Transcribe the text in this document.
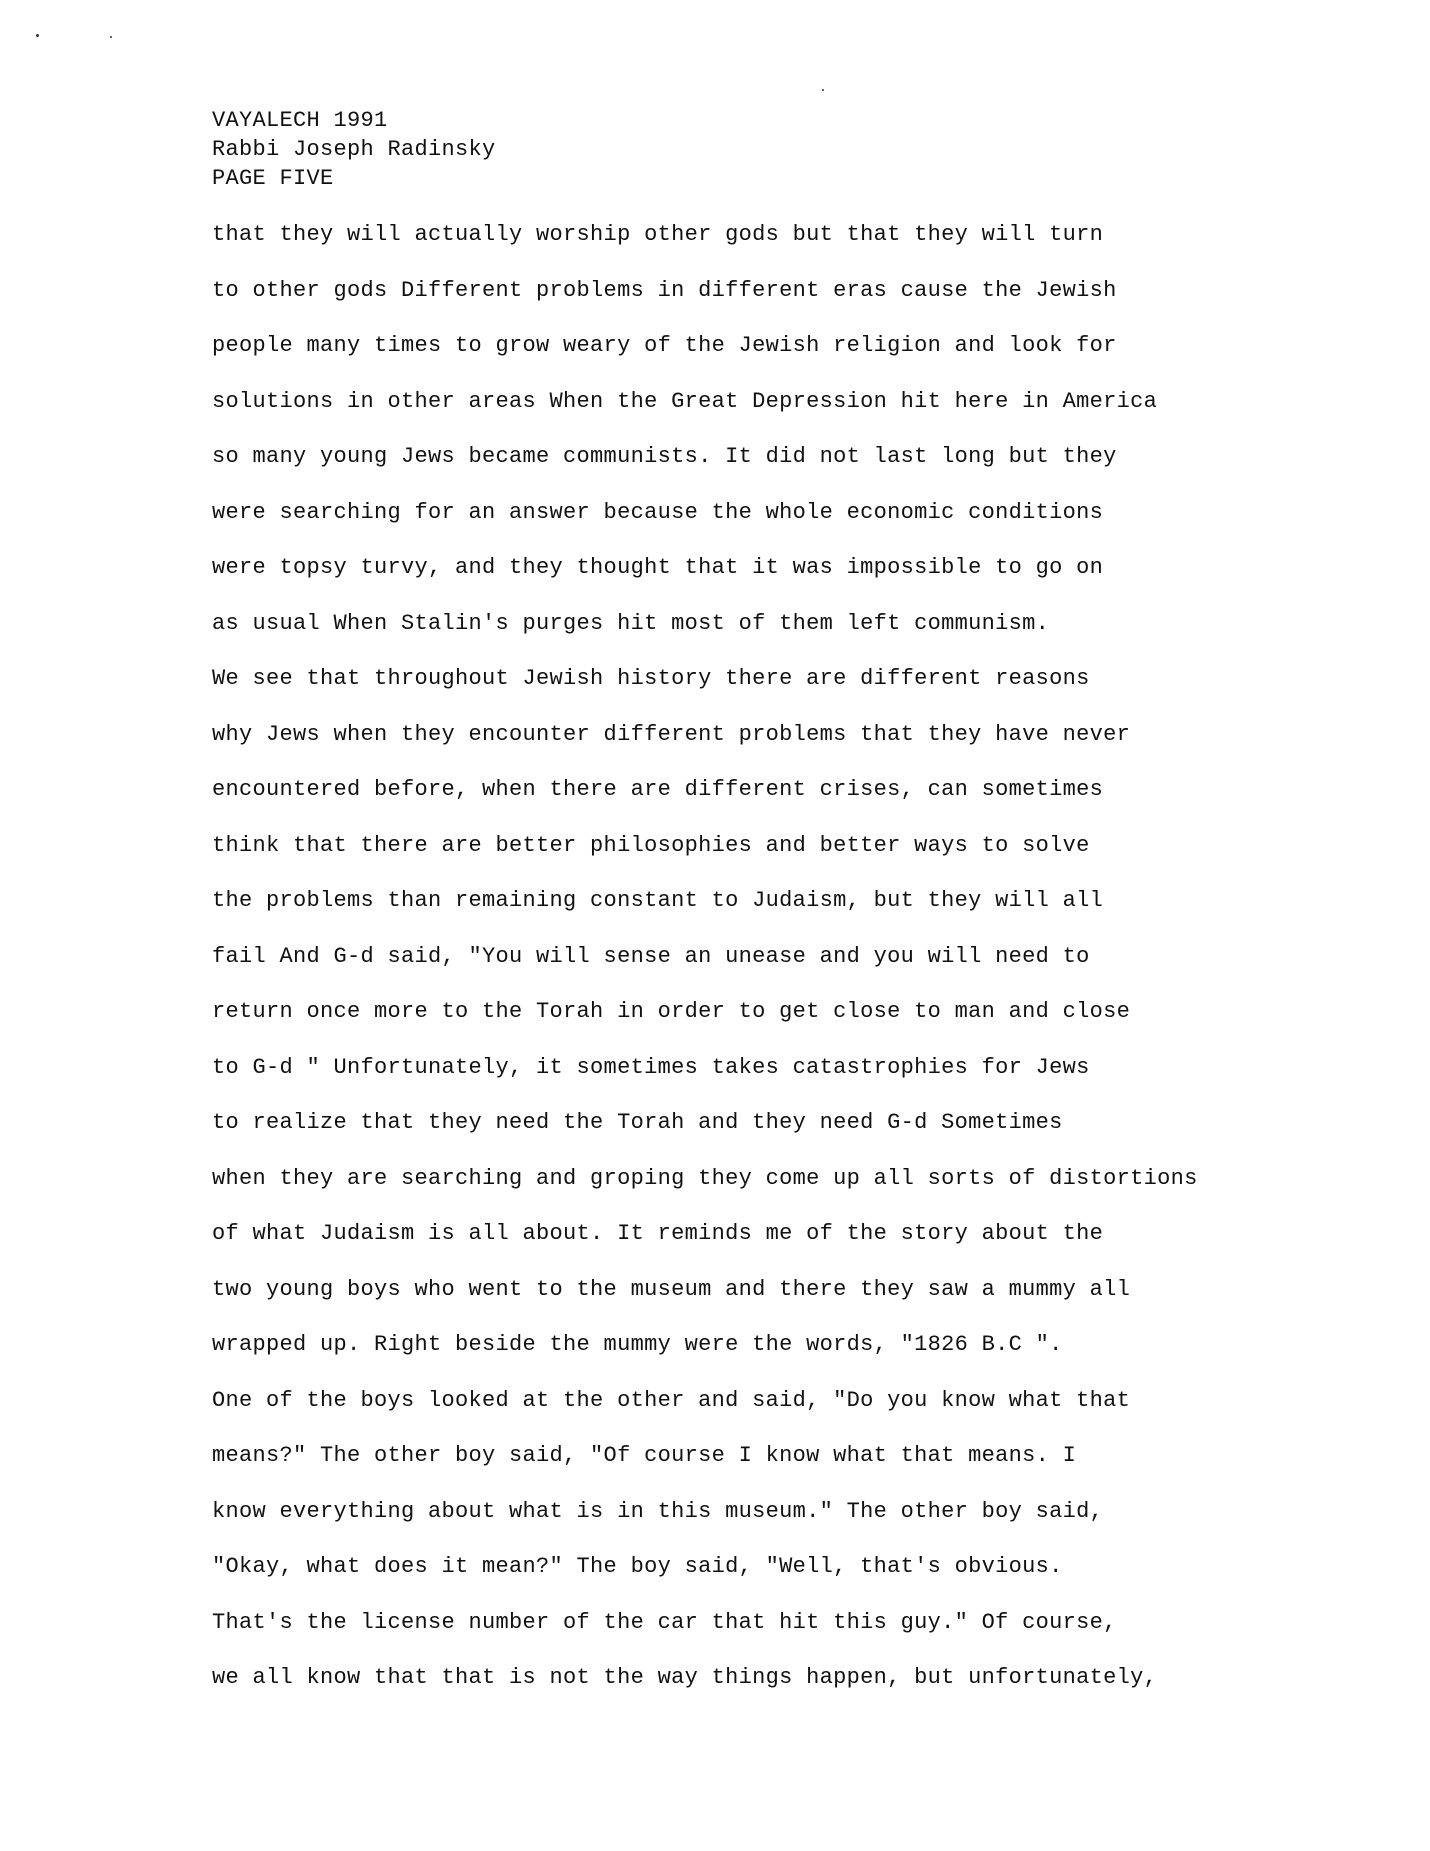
VAYALECH 1991
Rabbi Joseph Radinsky
PAGE FIVE
that they will actually worship other gods but that they will turn
to other gods Different problems in different eras cause the Jewish
people many times to grow weary of the Jewish religion and look for
solutions in other areas When the Great Depression hit here in America
so many young Jews became communists. It did not last long but they
were searching for an answer because the whole economic conditions
were topsy turvy, and they thought that it was impossible to go on
as usual When Stalin's purges hit most of them left communism.
We see that throughout Jewish history there are different reasons
why Jews when they encounter different problems that they have never
encountered before, when there are different crises, can sometimes
think that there are better philosophies and better ways to solve
the problems than remaining constant to Judaism, but they will all
fail And G-d said, "You will sense an unease and you will need to
return once more to the Torah in order to get close to man and close
to G-d " Unfortunately, it sometimes takes catastrophies for Jews
to realize that they need the Torah and they need G-d Sometimes
when they are searching and groping they come up all sorts of distortions
of what Judaism is all about. It reminds me of the story about the
two young boys who went to the museum and there they saw a mummy all
wrapped up. Right beside the mummy were the words, "1826 B.C ".
One of the boys looked at the other and said, "Do you know what that
means?" The other boy said, "Of course I know what that means. I
know everything about what is in this museum." The other boy said,
"Okay, what does it mean?" The boy said, "Well, that's obvious.
That's the license number of the car that hit this guy." Of course,
we all know that that is not the way things happen, but unfortunately,
